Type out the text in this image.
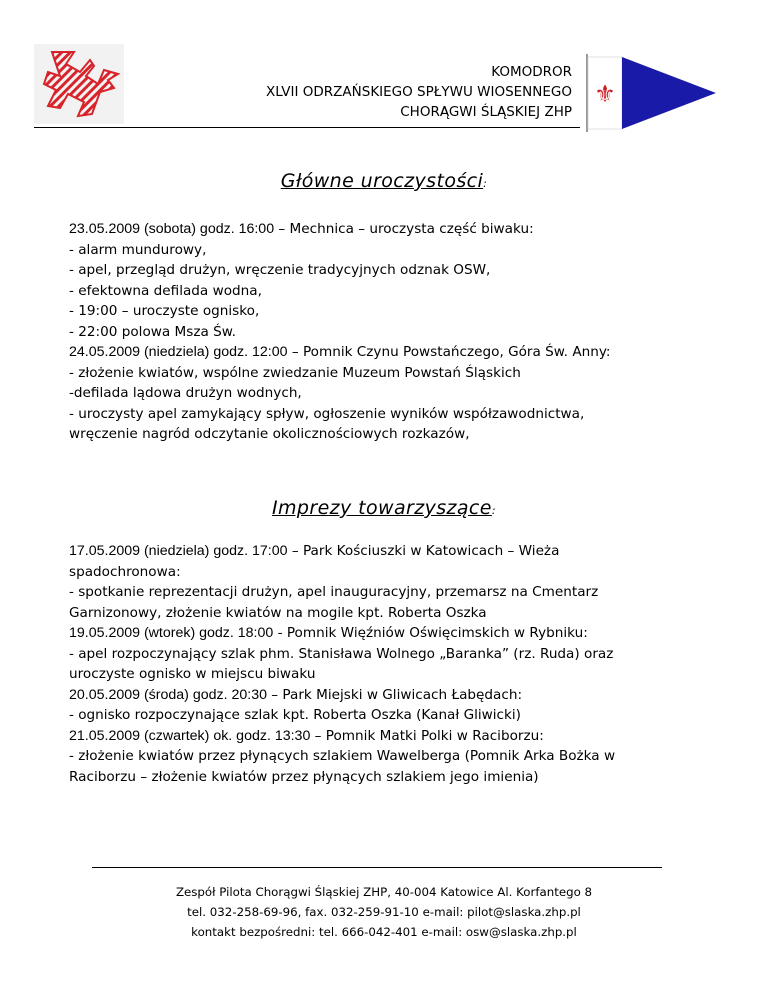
⚜
KOMODROR
XLVII ODRZAŃSKIEGO SPŁYWU WIOSENNEGO
CHORĄGWI ŚLĄSKIEJ ZHP
Główne uroczystości:

23.05.2009 (sobota) godz. 16:00 – Mechnica – uroczysta część biwaku:

- alarm mundurowy,

- apel, przegląd drużyn, wręczenie tradycyjnych odznak OSW,

- efektowna defilada wodna,

- 19:00 – uroczyste ognisko,

- 22:00 polowa Msza Św.

24.05.2009 (niedziela) godz. 12:00 – Pomnik Czynu Powstańczego, Góra Św. Anny:

- złożenie kwiatów, wspólne zwiedzanie Muzeum Powstań Śląskich

-defilada lądowa drużyn wodnych,

- uroczysty apel zamykający spływ, ogłoszenie wyników współzawodnictwa,

wręczenie nagród odczytanie okolicznościowych rozkazów,

Imprezy towarzyszące:

17.05.2009 (niedziela) godz. 17:00 – Park Kościuszki w Katowicach – Wieża

spadochronowa:

- spotkanie reprezentacji drużyn, apel inauguracyjny, przemarsz na Cmentarz

Garnizonowy, złożenie kwiatów na mogile kpt. Roberta Oszka

19.05.2009 (wtorek) godz. 18:00 - Pomnik Więźniów Oświęcimskich w Rybniku:

- apel rozpoczynający szlak phm. Stanisława Wolnego „Baranka” (rz. Ruda) oraz

uroczyste ognisko w miejscu biwaku

20.05.2009 (środa) godz. 20:30 – Park Miejski w Gliwicach Łabędach:

- ognisko rozpoczynające szlak kpt. Roberta Oszka (Kanał Gliwicki)

21.05.2009 (czwartek) ok. godz. 13:30 – Pomnik Matki Polki w Raciborzu:

- złożenie kwiatów przez płynących szlakiem Wawelberga (Pomnik Arka Bożka w

Raciborzu – złożenie kwiatów przez płynących szlakiem jego imienia)

Zespół Pilota Chorągwi Śląskiej ZHP, 40-004 Katowice Al. Korfantego 8

tel. 032-258-69-96, fax. 032-259-91-10 e-mail: pilot@slaska.zhp.pl

kontakt bezpośredni: tel. 666-042-401 e-mail: osw@slaska.zhp.pl
